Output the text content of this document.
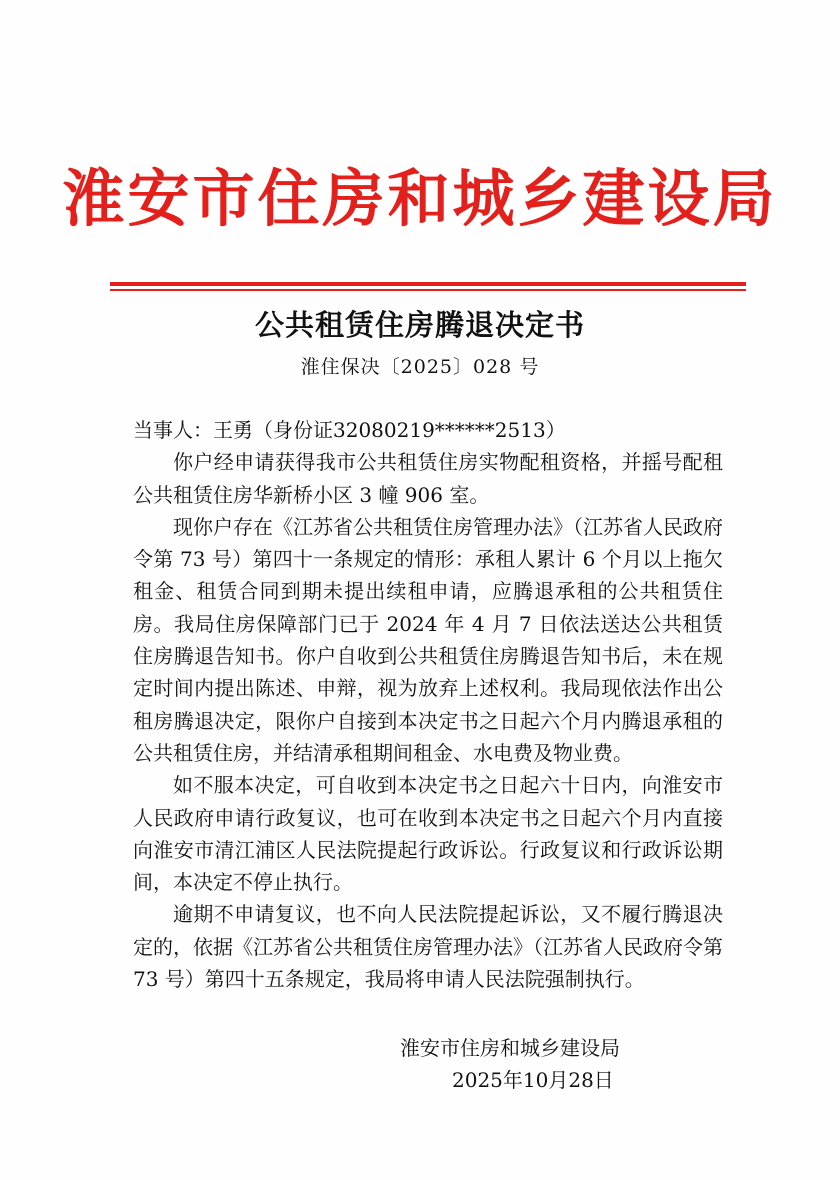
淮安市住房和城乡建设局
公共租赁住房腾退决定书
淮住保决〔2025〕028 号

当事人：王勇（身份证32080219******2513）

你户经申请获得我市公共租赁住房实物配租资格，并摇号配租公共租赁住房华新桥小区 3 幢 906 室。

现你户存在《江苏省公共租赁住房管理办法》（江苏省人民政府令第 73 号）第四十一条规定的情形：承租人累计 6 个月以上拖欠租金、租赁合同到期未提出续租申请，应腾退承租的公共租赁住房。我局住房保障部门已于 2024 年 4 月 7 日依法送达公共租赁住房腾退告知书。你户自收到公共租赁住房腾退告知书后，未在规定时间内提出陈述、申辩，视为放弃上述权利。我局现依法作出公租房腾退决定，限你户自接到本决定书之日起六个月内腾退承租的公共租赁住房，并结清承租期间租金、水电费及物业费。

如不服本决定，可自收到本决定书之日起六十日内，向淮安市人民政府申请行政复议，也可在收到本决定书之日起六个月内直接向淮安市清江浦区人民法院提起行政诉讼。行政复议和行政诉讼期间，本决定不停止执行。

逾期不申请复议，也不向人民法院提起诉讼，又不履行腾退决定的，依据《江苏省公共租赁住房管理办法》（江苏省人民政府令第 73 号）第四十五条规定，我局将申请人民法院强制执行。

淮安市住房和城乡建设局
2025年10月28日
